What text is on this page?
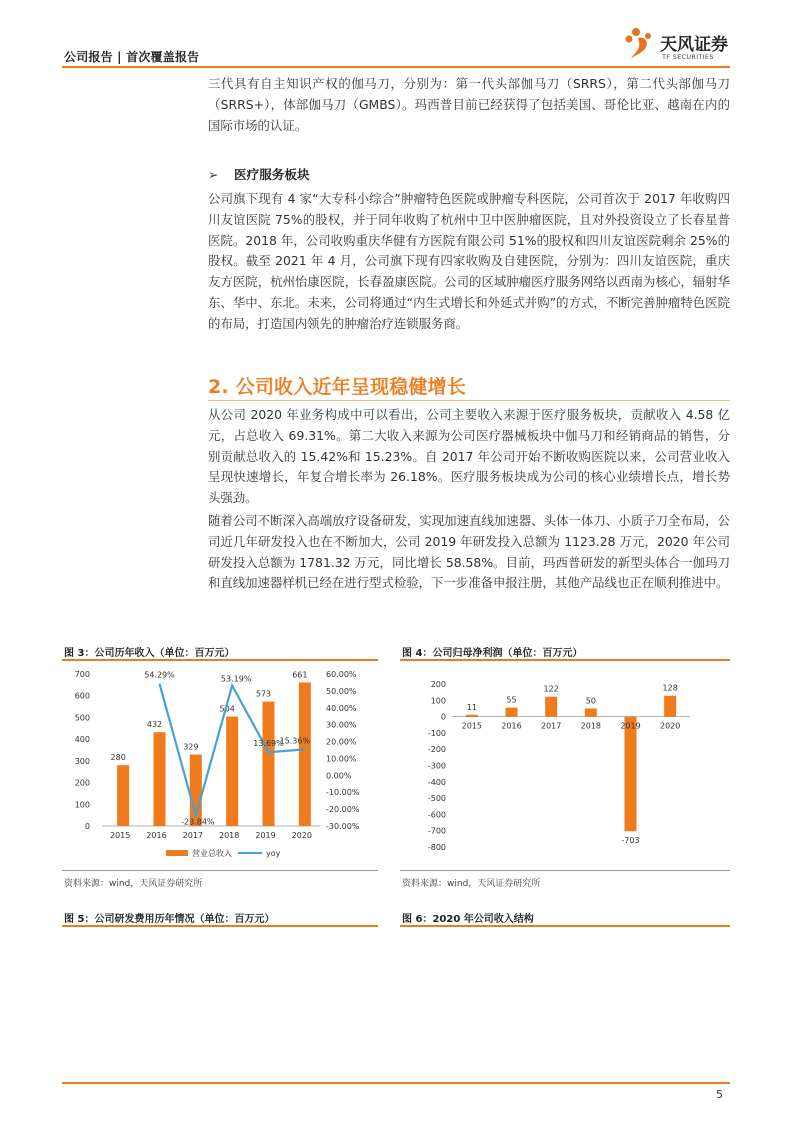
公司报告 | 首次覆盖报告
天风证券
TF SECURITIES
三代具有自主知识产权的伽马刀，分别为：第一代头部伽马刀（SRRS），第二代头部伽马刀（SRRS+），体部伽马刀（GMBS）。玛西普目前已经获得了包括美国、哥伦比亚、越南在内的国际市场的认证。
➢ 医疗服务板块
公司旗下现有 4 家“大专科小综合”肿瘤特色医院或肿瘤专科医院，公司首次于 2017 年收购四川友谊医院 75%的股权，并于同年收购了杭州中卫中医肿瘤医院，且对外投资设立了长春星普医院。2018 年，公司收购重庆华健有方医院有限公司 51%的股权和四川友谊医院剩余 25%的股权。截至 2021 年 4 月，公司旗下现有四家收购及自建医院，分别为：四川友谊医院，重庆友方医院，杭州怡康医院，长春盈康医院。公司的区域肿瘤医疗服务网络以西南为核心，辐射华东、华中、东北。未来，公司将通过“内生式增长和外延式并购”的方式，不断完善肿瘤特色医院的布局，打造国内领先的肿瘤治疗连锁服务商。
2. 公司收入近年呈现稳健增长
从公司 2020 年业务构成中可以看出，公司主要收入来源于医疗服务板块，贡献收入 4.58 亿元，占总收入 69.31%。第二大收入来源为公司医疗器械板块中伽马刀和经销商品的销售，分别贡献总收入的 15.42%和 15.23%。自 2017 年公司开始不断收购医院以来，公司营业收入呈现快速增长，年复合增长率为 26.18%。医疗服务板块成为公司的核心业绩增长点，增长势头强劲。
随着公司不断深入高端放疗设备研发，实现加速直线加速器、头体一体刀、小质子刀全布局，公司近几年研发投入也在不断加大，公司 2019 年研发投入总额为 1123.28 万元，2020 年公司研发投入总额为 1781.32 万元，同比增长 58.58%。目前，玛西普研发的新型头体合一伽玛刀和直线加速器样机已经在进行型式检验，下一步准备申报注册，其他产品线也正在顺利推进中。
图 3：公司历年收入（单位：百万元）
0
100
200
300
400
500
600
700
-30.00%
-20.00%
-10.00%
0.00%
10.00%
20.00%
30.00%
40.00%
50.00%
60.00%
280
2015
432
2016
329
2017
504
2018
573
2019
661
2020
54.29%
-23.84%
53.19%
13.69%
15.36%
营业总收入	yoy
资料来源：wind，天风证券研究所
图 4：公司归母净利润（单位：百万元）
200
100
0
-100
-200
-300
-400
-500
-600
-700
-800
11
2015
55
2016
122
2017
50
2018
-703
2019
128
2020
资料来源：wind，天风证券研究所
图 5：公司研发费用历年情况（单位：百万元）	图 6：2020 年公司收入结构
5
